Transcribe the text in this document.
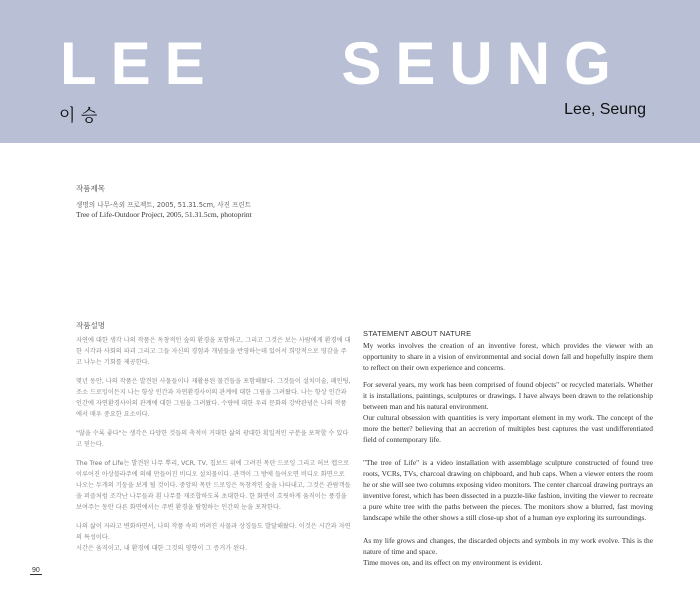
LEE    SEUNG
이 승	Lee, Seung
작품제목
생명의 나무-옥외 프로젝트, 2005, 51.31.5cm, 사진 프린트
Tree of Life-Outdoor Project, 2005, 51.31.5cm, photoprint
작품설명

자연에 대한 생각 나의 작품은 독창적인 숲의 환경을 포함하고, 그리고 그것은 보는 사람에게 환경에 대한 시각과 사회의 파괴 그리고 그들 자신의 경험과 개념들을 반영하는데 있어서 희망적으로 영감을 주고 나누는 기회를 제공한다.

몇년 동안, 나의 작품은 발견된 사물들이나 재활용된 물건들을 포함해왔다. 그것들이 설치미술, 페인팅, 조소 드로잉이든지 나는 항상 인간과 자연환경사이의 관계에 대한 그림을 그려왔다. 나는 항상 인간과 인간에 자연환경사이의 관계에 대한 그림을 그려왔다. 수량에 대한 우리 문화의 강박관념은 나의 작품에서 매우 중요한 요소이다.

"많을 수록 좋다"는 생각은 다양한 것들의 축적이 거대한 삶의 광대한 획일적인 구분을 포착할 수 있다고 믿는다.

The Tree of Life는 발견된 나무 뿌리, VCR, TV, 칩보드 위에 그려진 목탄 드로잉 그리고 허브 캡으로 이루어진 아상블라주에 의해 만들어진 비디오 설치물이다. 관객이 그 방에 들어오면 비디오 화면으로 나오는 두개의 기둥을 보게 될 것이다. 중앙의 목탄 드로잉은 독창적인 숲을 나타내고, 그것은 관람객들을 퍼즐처럼 조각난 나무들과 흰 나무를 재조합하도록 초대한다. 한 화면이 흐릿하게 움직이는 풍경을 보여주는 동안 다른 화면에서는 주변 환경을 탐험하는 인간의 눈을 포착한다.

나의 삶이 자라고 변화하면서, 나의 작품 속의 버려진 사물과 상징들도 발달해왔다. 이것은 시간과 자연의 특성이다.

시간은 움직이고, 내 환경에 대한 그것의 영향이 그 증거가 된다.

STATEMENT ABOUT NATURE

My works involves the creation of an inventive forest, which provides the viewer with an opportunity to share in a vision of environmental and social down fall and hopefully inspire them to reflect on their own experience and concerns.

For several years, my work has been comprised of found objects" or recycled materials. Whether it is installations, paintings, sculptures or drawings. I have always been drawn to the relationship between man and his natural environment.

Our cultural obsession with quantities is very important element in my work. The concept of the more the better? believing that an accretion of multiples best captures the vast undifferentiated field of contemporary life.

"The tree of Life" is a video installation with assemblage sculpture constructed of found tree roots, VCRs, TVs, charcoal drawing on chipboard, and hub caps. When a viewer enters the room he or she will see two columns exposing video monitors. The center charcoal drawing portrays an inventive forest, which has been dissected in a puzzle-like fashion, inviting the viewer to recreate a pure white tree with the paths between the pieces. The monitors show a blurred, fast moving landscape while the other shows a still close-up shot of a human eye exploring its surroundings.

As my life grows and changes, the discarded objects and symbols in my work evolve. This is the nature of time and space.

Time moves on, and its effect on my environment is evident.

90
